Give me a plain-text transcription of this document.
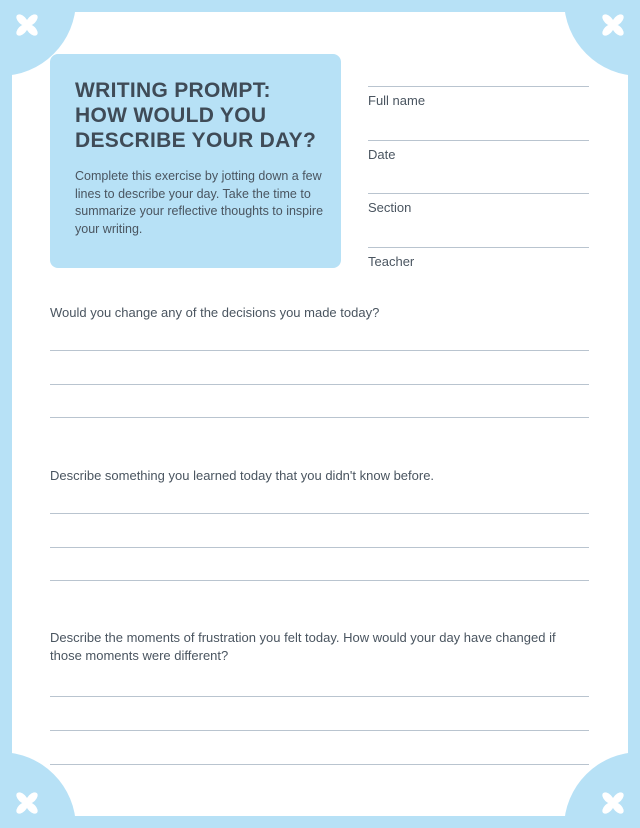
WRITING PROMPT: HOW WOULD YOU DESCRIBE YOUR DAY?

Complete this exercise by jotting down a few lines to describe your day. Take the time to summarize your reflective thoughts to inspire your writing.

Full name
Date
Section
Teacher

Would you change any of the decisions you made today?

Describe something you learned today that you didn't know before.

Describe the moments of frustration you felt today. How would your day have changed if those moments were different?
